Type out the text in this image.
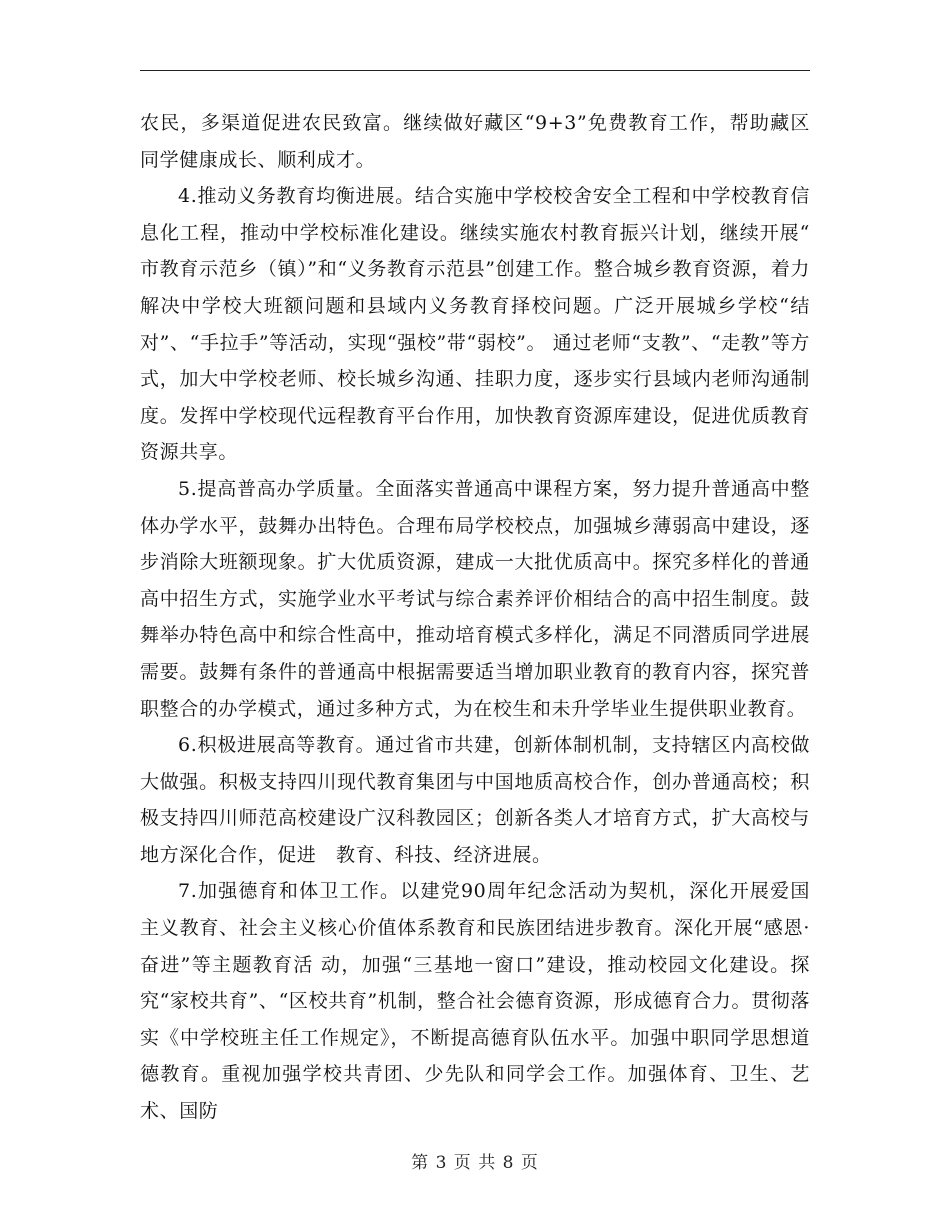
农民，多渠道促进农民致富。继续做好藏区“9+3”免费教育工作，帮助藏区同学健康成长、顺利成才。

4.推动义务教育均衡进展。结合实施中学校校舍安全工程和中学校教育信息化工程，推动中学校标准化建设。继续实施农村教育振兴计划，继续开展“　市教育示范乡（镇）”和“义务教育示范县”创建工作。整合城乡教育资源，着力解决中学校大班额问题和县域内义务教育择校问题。广泛开展城乡学校“结对”、“手拉手”等活动，实现“强校”带“弱校”。 通过老师“支教”、“走教”等方式，加大中学校老师、校长城乡沟通、挂职力度，逐步实行县域内老师沟通制度。发挥中学校现代远程教育平台作用，加快教育资源库建设，促进优质教育资源共享。

5.提高普高办学质量。全面落实普通高中课程方案，努力提升普通高中整体办学水平，鼓舞办出特色。合理布局学校校点，加强城乡薄弱高中建设，逐步消除大班额现象。扩大优质资源，建成一大批优质高中。探究多样化的普通高中招生方式，实施学业水平考试与综合素养评价相结合的高中招生制度。鼓舞举办特色高中和综合性高中，推动培育模式多样化，满足不同潜质同学进展需要。鼓舞有条件的普通高中根据需要适当增加职业教育的教育内容，探究普职整合的办学模式，通过多种方式，为在校生和未升学毕业生提供职业教育。

6.积极进展高等教育。通过省市共建，创新体制机制，支持辖区内高校做大做强。积极支持四川现代教育集团与中国地质高校合作，创办普通高校；积极支持四川师范高校建设广汉科教园区；创新各类人才培育方式，扩大高校与地方深化合作，促进　教育、科技、经济进展。

7.加强德育和体卫工作。以建党90周年纪念活动为契机，深化开展爱国主义教育、社会主义核心价值体系教育和民族团结进步教育。深化开展“感恩·奋进”等主题教育活 动，加强“三基地一窗口”建设，推动校园文化建设。探究“家校共育”、“区校共育”机制，整合社会德育资源，形成德育合力。贯彻落实《中学校班主任工作规定》，不断提高德育队伍水平。加强中职同学思想道德教育。重视加强学校共青团、少先队和同学会工作。加强体育、卫生、艺术、国防

第 3 页 共 8 页
